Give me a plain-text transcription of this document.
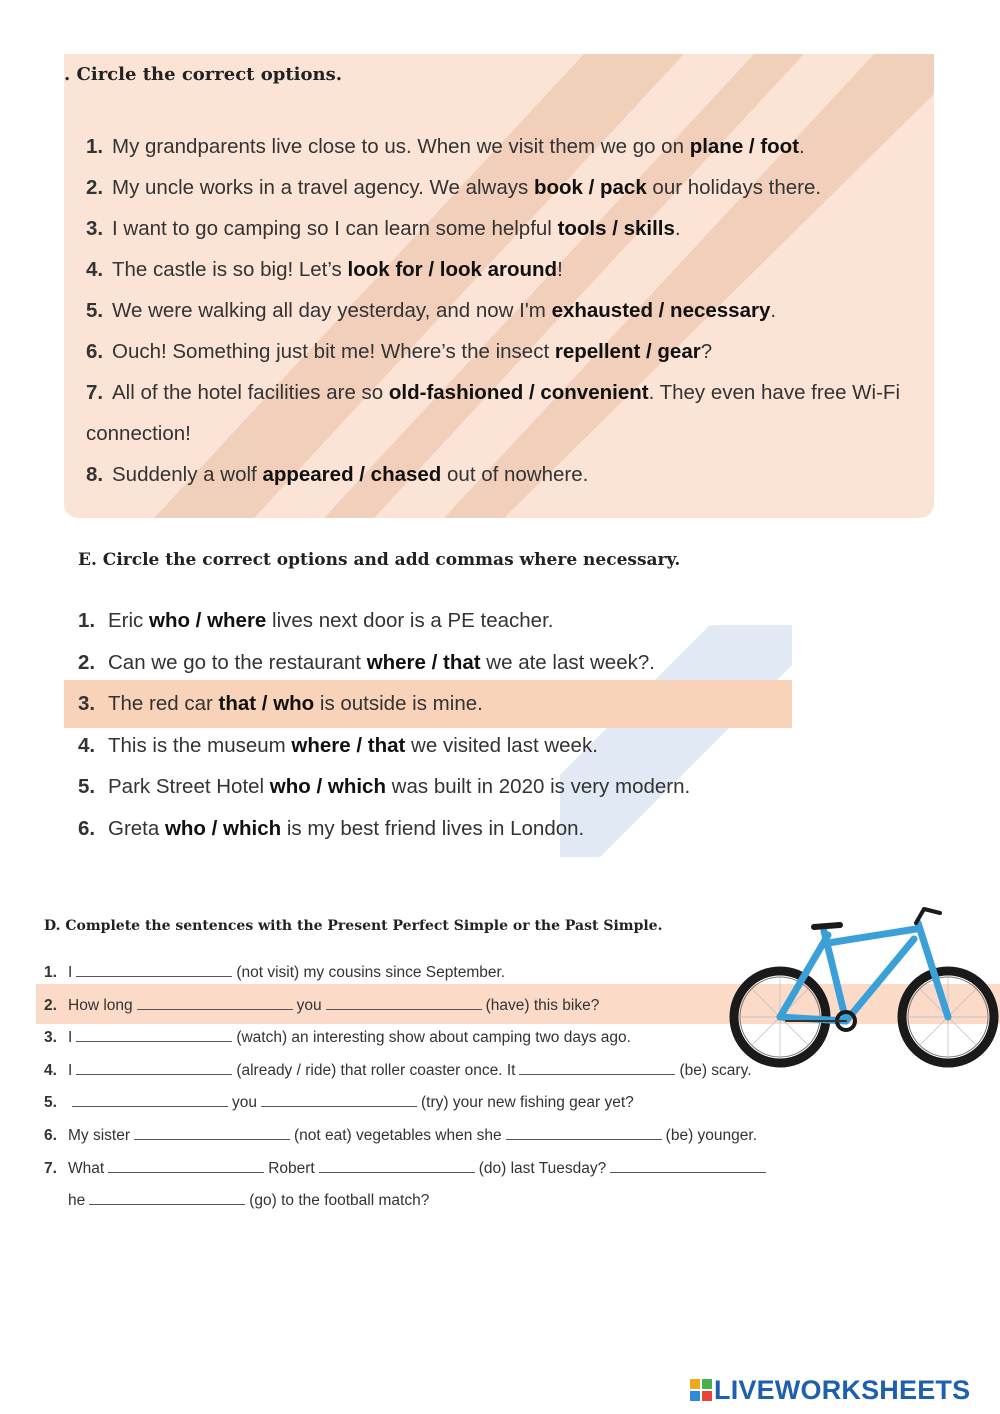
. Circle the correct options.
1. My grandparents live close to us. When we visit them we go on plane / foot.
2. My uncle works in a travel agency. We always book / pack our holidays there.
3. I want to go camping so I can learn some helpful tools / skills.
4. The castle is so big! Let’s look for / look around!
5. We were walking all day yesterday, and now I'm exhausted / necessary.
6. Ouch! Something just bit me! Where’s the insect repellent / gear?
7. All of the hotel facilities are so old-fashioned / convenient. They even have free Wi-Fi connection!
8. Suddenly a wolf appeared / chased out of nowhere.
E. Circle the correct options and add commas where necessary.
1. Eric who / where lives next door is a PE teacher.
2. Can we go to the restaurant where / that we ate last week?.
3. The red car that / who is outside is mine.
4. This is the museum where / that we visited last week.
5. Park Street Hotel who / which was built in 2020 is very modern.
6. Greta who / which is my best friend lives in London.
D. Complete the sentences with the Present Perfect Simple or the Past Simple.
1. I	(not visit) my cousins since September.
2. How long	you	(have) this bike?
3. I	(watch) an interesting show about camping two days ago.
4. I	(already / ride) that roller coaster once. It	(be) scary.
5.	you	(try) your new fishing gear yet?
6. My sister	(not eat) vegetables when she	(be) younger.
7. What	Robert	(do) last Tuesday?
he	(go) to the football match?
LIVEWORKSHEETS
